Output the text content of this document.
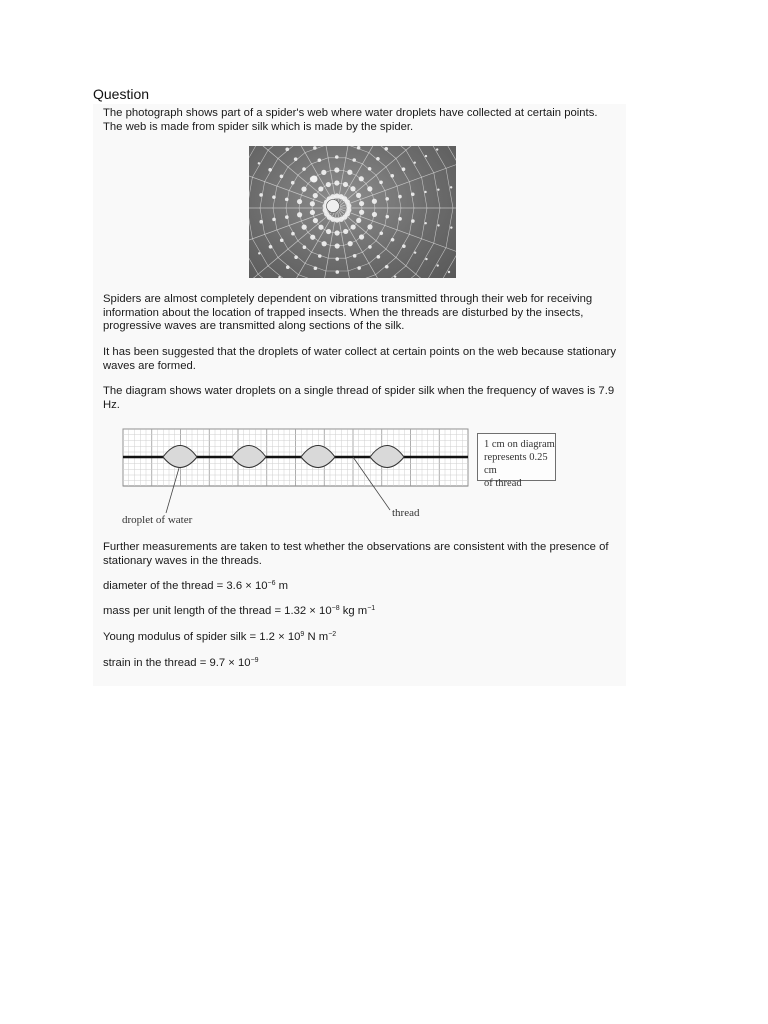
Question

The photograph shows part of a spider's web where water droplets have collected at certain points. The web is made from spider silk which is made by the spider.

Spiders are almost completely dependent on vibrations transmitted through their web for receiving information about the location of trapped insects. When the threads are disturbed by the insects, progressive waves are transmitted along sections of the silk.

It has been suggested that the droplets of water collect at certain points on the web because stationary waves are formed.

The diagram shows water droplets on a single thread of spider silk when the frequency of waves is 7.9 Hz.

1 cm on diagram
represents 0.25 cm
of thread
droplet of water
thread

Further measurements are taken to test whether the observations are consistent with the presence of stationary waves in the threads.

diameter of the thread = $3.6 \times 10^{-6}$ m

mass per unit length of the thread = $1.32 \times 10^{-8}$ kg $m^{-1}$

Young modulus of spider silk = $1.2 \times 10^9$ N $m^{-2}$

strain in the thread = $9.7 \times 10^{-9}$
